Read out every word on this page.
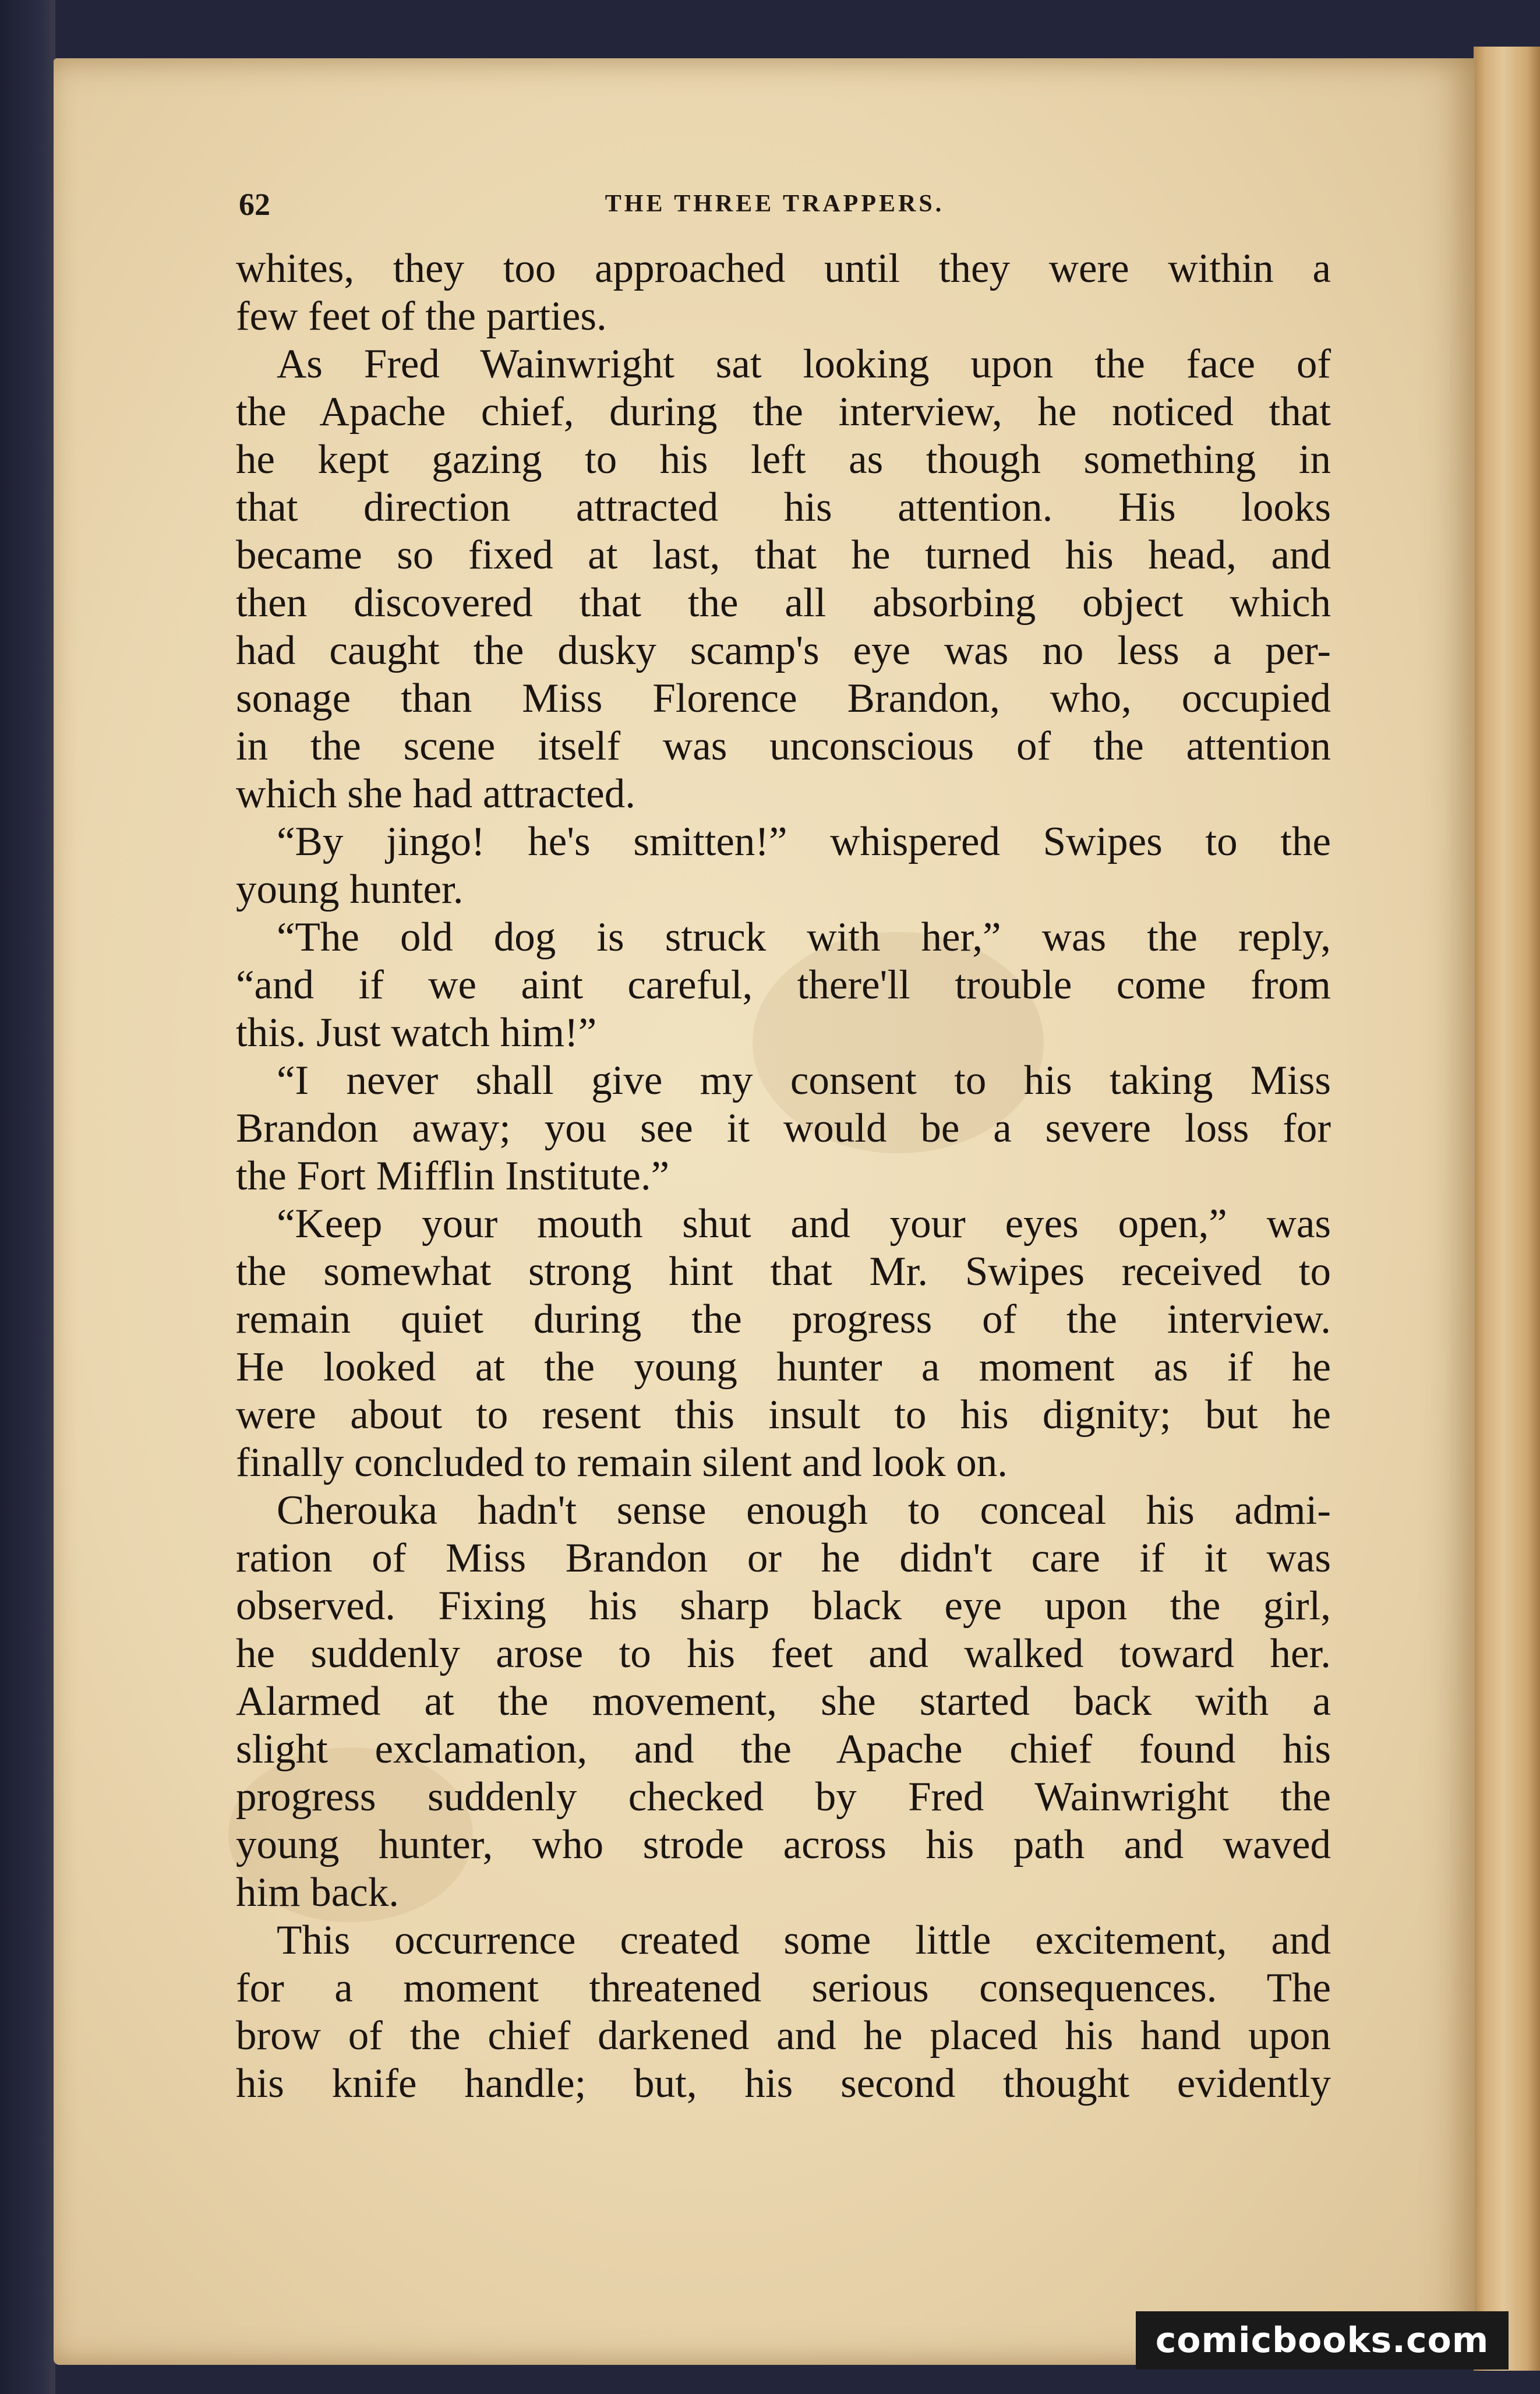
62	THE THREE TRAPPERS.
whites, they too approached until they were within a
few feet of the parties.
As Fred Wainwright sat looking upon the face of
the Apache chief, during the interview, he noticed that
he kept gazing to his left as though something in
that direction attracted his attention. His looks
became so fixed at last, that he turned his head, and
then discovered that the all absorbing object which
had caught the dusky scamp's eye was no less a per-
sonage than Miss Florence Brandon, who, occupied
in the scene itself was unconscious of the attention
which she had attracted.
“By jingo! he's smitten!” whispered Swipes to the
young hunter.
“The old dog is struck with her,” was the reply,
“and if we aint careful, there'll trouble come from
this. Just watch him!”
“I never shall give my consent to his taking Miss
Brandon away; you see it would be a severe loss for
the Fort Mifflin Institute.”
“Keep your mouth shut and your eyes open,” was
the somewhat strong hint that Mr. Swipes received to
remain quiet during the progress of the interview.
He looked at the young hunter a moment as if he
were about to resent this insult to his dignity; but he
finally concluded to remain silent and look on.
Cherouka hadn't sense enough to conceal his admi-
ration of Miss Brandon or he didn't care if it was
observed. Fixing his sharp black eye upon the girl,
he suddenly arose to his feet and walked toward her.
Alarmed at the movement, she started back with a
slight exclamation, and the Apache chief found his
progress suddenly checked by Fred Wainwright the
young hunter, who strode across his path and waved
him back.
This occurrence created some little excitement, and
for a moment threatened serious consequences. The
brow of the chief darkened and he placed his hand upon
his knife handle; but, his second thought evidently
comicbooks.com
